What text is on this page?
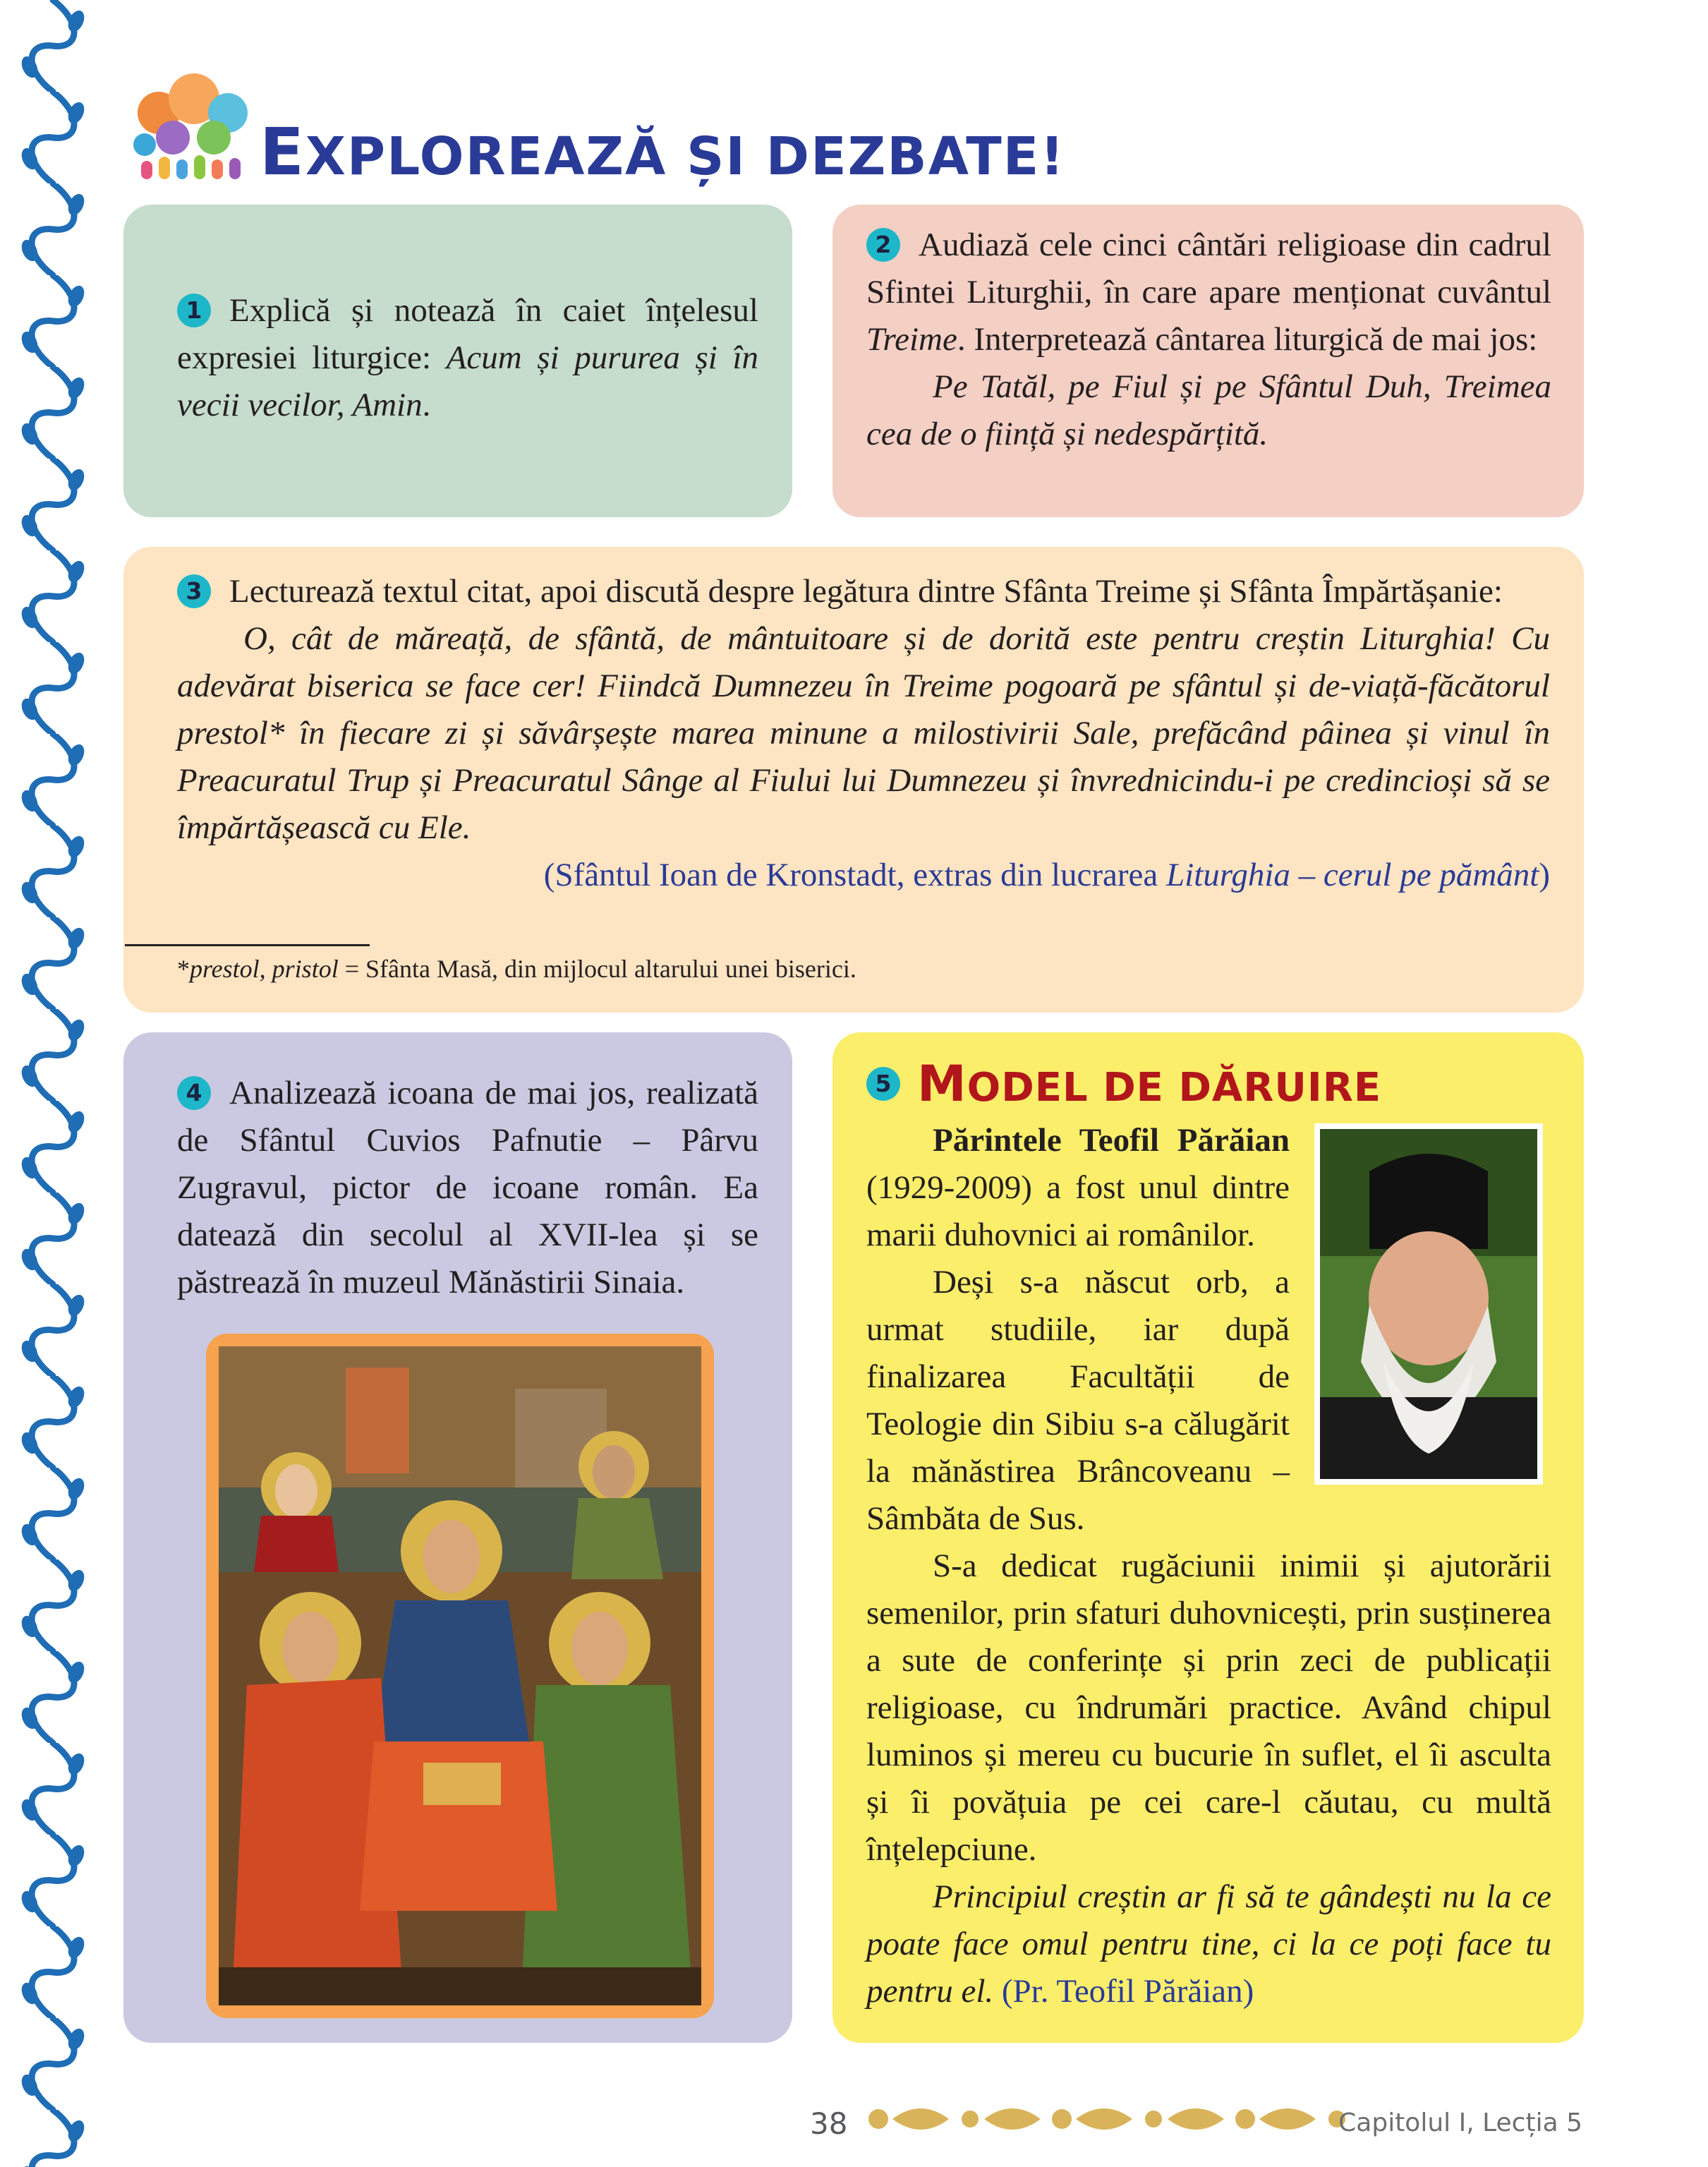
EXPLOREAZĂ ȘI DEZBATE!

1 Explică și notează în caiet înțelesul expresiei liturgice: Acum și pururea și în vecii vecilor, Amin.

2 Audiază cele cinci cântări religioase din cadrul Sfintei Liturghii, în care apare menționat cuvântul Treime. Interpretează cântarea liturgică de mai jos:

Pe Tatăl, pe Fiul și pe Sfântul Duh, Treimea cea de o ființă și nedespărțită.

3 Lecturează textul citat, apoi discută despre legătura dintre Sfânta Treime și Sfânta Împărtășanie:

O, cât de măreață, de sfântă, de mântuitoare și de dorită este pentru creștin Liturghia! Cu adevărat biserica se face cer! Fiindcă Dumnezeu în Treime pogoară pe sfântul și de-viață-făcătorul prestol* în fiecare zi și săvârșește marea minune a milostivirii Sale, prefăcând pâinea și vinul în Preacuratul Trup și Preacuratul Sânge al Fiului lui Dumnezeu și învrednicindu-i pe credincioși să se împărtășească cu Ele.

(Sfântul Ioan de Kronstadt, extras din lucrarea Liturghia – cerul pe pământ)

*prestol, pristol = Sfânta Masă, din mijlocul altarului unei biserici.

4 Analizează icoana de mai jos, realizată de Sfântul Cuvios Pafnutie – Pârvu Zugravul, pictor de icoane român. Ea datează din secolul al XVII-lea și se păstrează în muzeul Mănăstirii Sinaia.

5 MODEL DE DĂRUIRE

Părintele Teofil Părăian (1929-2009) a fost unul dintre marii duhovnici ai românilor.

Deși s-a născut orb, a urmat studiile, iar după finalizarea Facultății de Teologie din Sibiu s-a călugărit la mănăstirea Brâncoveanu – Sâmbăta de Sus.

S-a dedicat rugăciunii inimii și ajutorării semenilor, prin sfaturi duhovnicești, prin susținerea a sute de conferințe și prin zeci de publicații religioase, cu îndrumări practice. Având chipul luminos și mereu cu bucurie în suflet, el îi asculta și îi povățuia pe cei care-l căutau, cu multă înțelepciune.

Principiul creștin ar fi să te gândești nu la ce poate face omul pentru tine, ci la ce poți face tu pentru el. (Pr. Teofil Părăian)

38	Capitolul I, Lecția 5
